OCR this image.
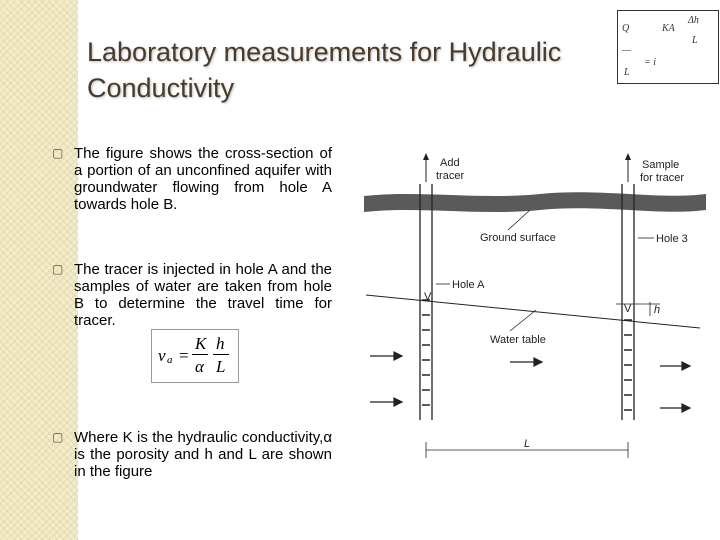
Laboratory measurements for Hydraulic
Conductivity
Q	KA
Δh
L
—
L
= i
▢ The figure shows the cross-section of a portion of an unconfined aquifer with groundwater flowing from hole A towards hole B.
▢ The tracer is injected in hole A and the samples of water are taken from hole B to determine the travel time for tracer.
▢ Where K is the hydraulic conductivity,α is the porosity and h and L are shown in the figure
v a =
K
α
h
L
h
V
V
Add tracer
Sample for tracer
Ground surface	Hole 3
Hole A
Water table
L
